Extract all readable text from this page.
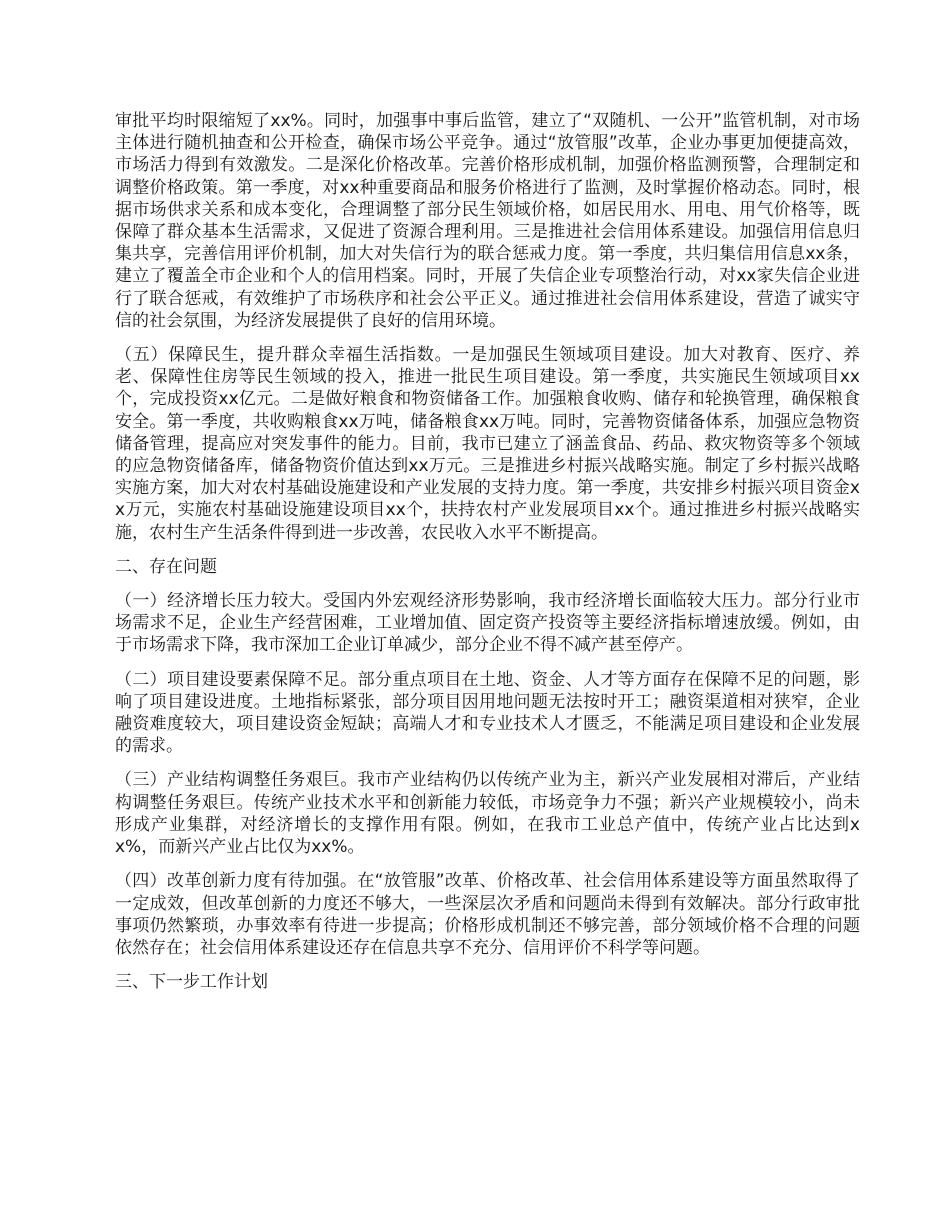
审批平均时限缩短了xx%。同时，加强事中事后监管，建立了“双随机、一公开”监管机制，对市场主体进行随机抽查和公开检查，确保市场公平竞争。通过“放管服”改革，企业办事更加便捷高效，市场活力得到有效激发。二是深化价格改革。完善价格形成机制，加强价格监测预警，合理制定和调整价格政策。第一季度，对xx种重要商品和服务价格进行了监测，及时掌握价格动态。同时，根据市场供求关系和成本变化，合理调整了部分民生领域价格，如居民用水、用电、用气价格等，既保障了群众基本生活需求，又促进了资源合理利用。三是推进社会信用体系建设。加强信用信息归集共享，完善信用评价机制，加大对失信行为的联合惩戒力度。第一季度，共归集信用信息xx条，建立了覆盖全市企业和个人的信用档案。同时，开展了失信企业专项整治行动，对xx家失信企业进行了联合惩戒，有效维护了市场秩序和社会公平正义。通过推进社会信用体系建设，营造了诚实守信的社会氛围，为经济发展提供了良好的信用环境。

（五）保障民生，提升群众幸福生活指数。一是加强民生领域项目建设。加大对教育、医疗、养老、保障性住房等民生领域的投入，推进一批民生项目建设。第一季度，共实施民生领域项目xx个，完成投资xx亿元。二是做好粮食和物资储备工作。加强粮食收购、储存和轮换管理，确保粮食安全。第一季度，共收购粮食xx万吨，储备粮食xx万吨。同时，完善物资储备体系，加强应急物资储备管理，提高应对突发事件的能力。目前，我市已建立了涵盖食品、药品、救灾物资等多个领域的应急物资储备库，储备物资价值达到xx万元。三是推进乡村振兴战略实施。制定了乡村振兴战略实施方案，加大对农村基础设施建设和产业发展的支持力度。第一季度，共安排乡村振兴项目资金xx万元，实施农村基础设施建设项目xx个，扶持农村产业发展项目xx个。通过推进乡村振兴战略实施，农村生产生活条件得到进一步改善，农民收入水平不断提高。

二、存在问题

（一）经济增长压力较大。受国内外宏观经济形势影响，我市经济增长面临较大压力。部分行业市场需求不足，企业生产经营困难，工业增加值、固定资产投资等主要经济指标增速放缓。例如，由于市场需求下降，我市深加工企业订单减少，部分企业不得不减产甚至停产。

（二）项目建设要素保障不足。部分重点项目在土地、资金、人才等方面存在保障不足的问题，影响了项目建设进度。土地指标紧张，部分项目因用地问题无法按时开工；融资渠道相对狭窄，企业融资难度较大，项目建设资金短缺；高端人才和专业技术人才匮乏，不能满足项目建设和企业发展的需求。

（三）产业结构调整任务艰巨。我市产业结构仍以传统产业为主，新兴产业发展相对滞后，产业结构调整任务艰巨。传统产业技术水平和创新能力较低，市场竞争力不强；新兴产业规模较小，尚未形成产业集群，对经济增长的支撑作用有限。例如，在我市工业总产值中，传统产业占比达到xx%，而新兴产业占比仅为xx%。

（四）改革创新力度有待加强。在“放管服”改革、价格改革、社会信用体系建设等方面虽然取得了一定成效，但改革创新的力度还不够大，一些深层次矛盾和问题尚未得到有效解决。部分行政审批事项仍然繁琐，办事效率有待进一步提高；价格形成机制还不够完善，部分领域价格不合理的问题依然存在；社会信用体系建设还存在信息共享不充分、信用评价不科学等问题。

三、下一步工作计划
